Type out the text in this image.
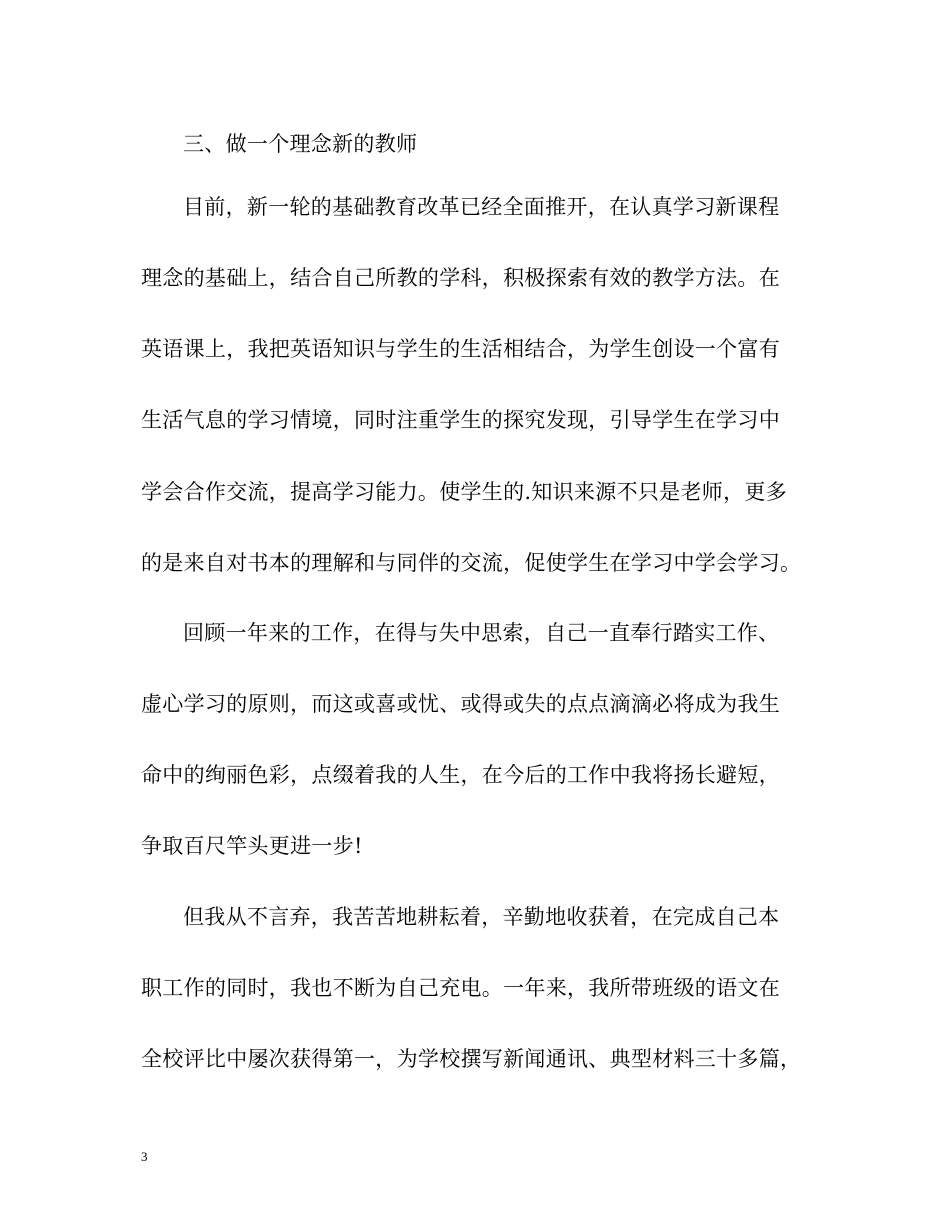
三、做一个理念新的教师
目前，新一轮的基础教育改革已经全面推开，在认真学习新课程
理念的基础上，结合自己所教的学科，积极探索有效的教学方法。在
英语课上，我把英语知识与学生的生活相结合，为学生创设一个富有
生活气息的学习情境，同时注重学生的探究发现，引导学生在学习中
学会合作交流，提高学习能力。使学生的.知识来源不只是老师，更多
的是来自对书本的理解和与同伴的交流，促使学生在学习中学会学习。
回顾一年来的工作，在得与失中思索，自己一直奉行踏实工作、
虚心学习的原则，而这或喜或忧、或得或失的点点滴滴必将成为我生
命中的绚丽色彩，点缀着我的人生，在今后的工作中我将扬长避短，
争取百尺竿头更进一步!
但我从不言弃，我苦苦地耕耘着，辛勤地收获着，在完成自己本
职工作的同时，我也不断为自己充电。一年来，我所带班级的语文在
全校评比中屡次获得第一，为学校撰写新闻通讯、典型材料三十多篇，
3
